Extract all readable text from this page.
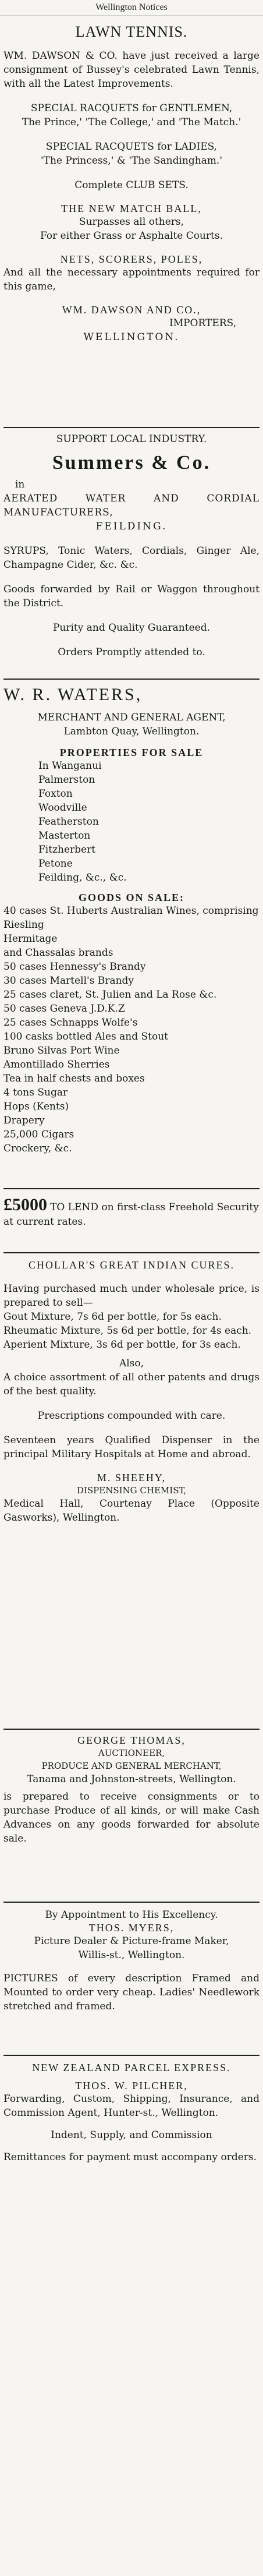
Wellington Notices
LAWN TENNIS.
WM. DAWSON & CO. have just received a large consignment of Bussey's celebrated Lawn Tennis, with all the Latest Improvements.
SPECIAL RACQUETS for GENTLEMEN,
The Prince,' 'The College,' and 'The Match.'
SPECIAL RACQUETS for LADIES,
'The Princess,' & 'The Sandingham.'
Complete CLUB SETS.
THE NEW MATCH BALL,
Surpasses all others,
For either Grass or Asphalte Courts.
NETS, SCORERS, POLES,
And all the necessary appointments required for this game,
WM. DAWSON AND CO.,
IMPORTERS,
WELLINGTON.
SUPPORT LOCAL INDUSTRY.
Summers & Co.
in
AERATED WATER AND CORDIAL MANUFACTURERS,
FEILDING.
SYRUPS, Tonic Waters, Cordials, Ginger Ale, Champagne Cider, &c. &c.
Goods forwarded by Rail or Waggon throughout the District.
Purity and Quality Guaranteed.
Orders Promptly attended to.
W. R. WATERS,
MERCHANT AND GENERAL AGENT,
Lambton Quay, Wellington.
PROPERTIES FOR SALE
In Wanganui
Palmerston
Foxton
Woodville
Featherston
Masterton
Fitzherbert
Petone
Feilding, &c., &c.
GOODS ON SALE:
40 cases St. Huberts Australian Wines, comprising
Riesling
Hermitage
and Chassalas brands
50 cases Hennessy's Brandy
30 cases Martell's Brandy
25 cases claret, St. Julien and La Rose &c.
50 cases Geneva J.D.K.Z
25 cases Schnapps Wolfe's
100 casks bottled Ales and Stout
Bruno Silvas Port Wine
Amontillado Sherries
Tea in half chests and boxes
4 tons Sugar
Hops (Kents)
Drapery
25,000 Cigars
Crockery, &c.
£5000 TO LEND on first-class Freehold Security at current rates.
CHOLLAR'S GREAT INDIAN CURES.
Having purchased much under wholesale price, is prepared to sell—
Gout Mixture, 7s 6d per bottle, for 5s each.
Rheumatic Mixture, 5s 6d per bottle, for 4s each.
Aperient Mixture, 3s 6d per bottle, for 3s each.
Also,
A choice assortment of all other patents and drugs of the best quality.
Prescriptions compounded with care.
Seventeen years Qualified Dispenser in the principal Military Hospitals at Home and abroad.
M. SHEEHY,
DISPENSING CHEMIST,
Medical Hall, Courtenay Place (Opposite Gasworks), Wellington.
GEORGE THOMAS,
AUCTIONEER,
PRODUCE AND GENERAL MERCHANT,
Tanama and Johnston-streets, Wellington.
is prepared to receive consignments or to purchase Produce of all kinds, or will make Cash Advances on any goods forwarded for absolute sale.
By Appointment to His Excellency.
THOS. MYERS,
Picture Dealer & Picture-frame Maker,
Willis-st., Wellington.
PICTURES of every description Framed and Mounted to order very cheap. Ladies' Needlework stretched and framed.
NEW ZEALAND PARCEL EXPRESS.
THOS. W. PILCHER,
Forwarding, Custom, Shipping, Insurance, and Commission Agent, Hunter-st., Wellington.
Indent, Supply, and Commission
Remittances for payment must accompany orders.
